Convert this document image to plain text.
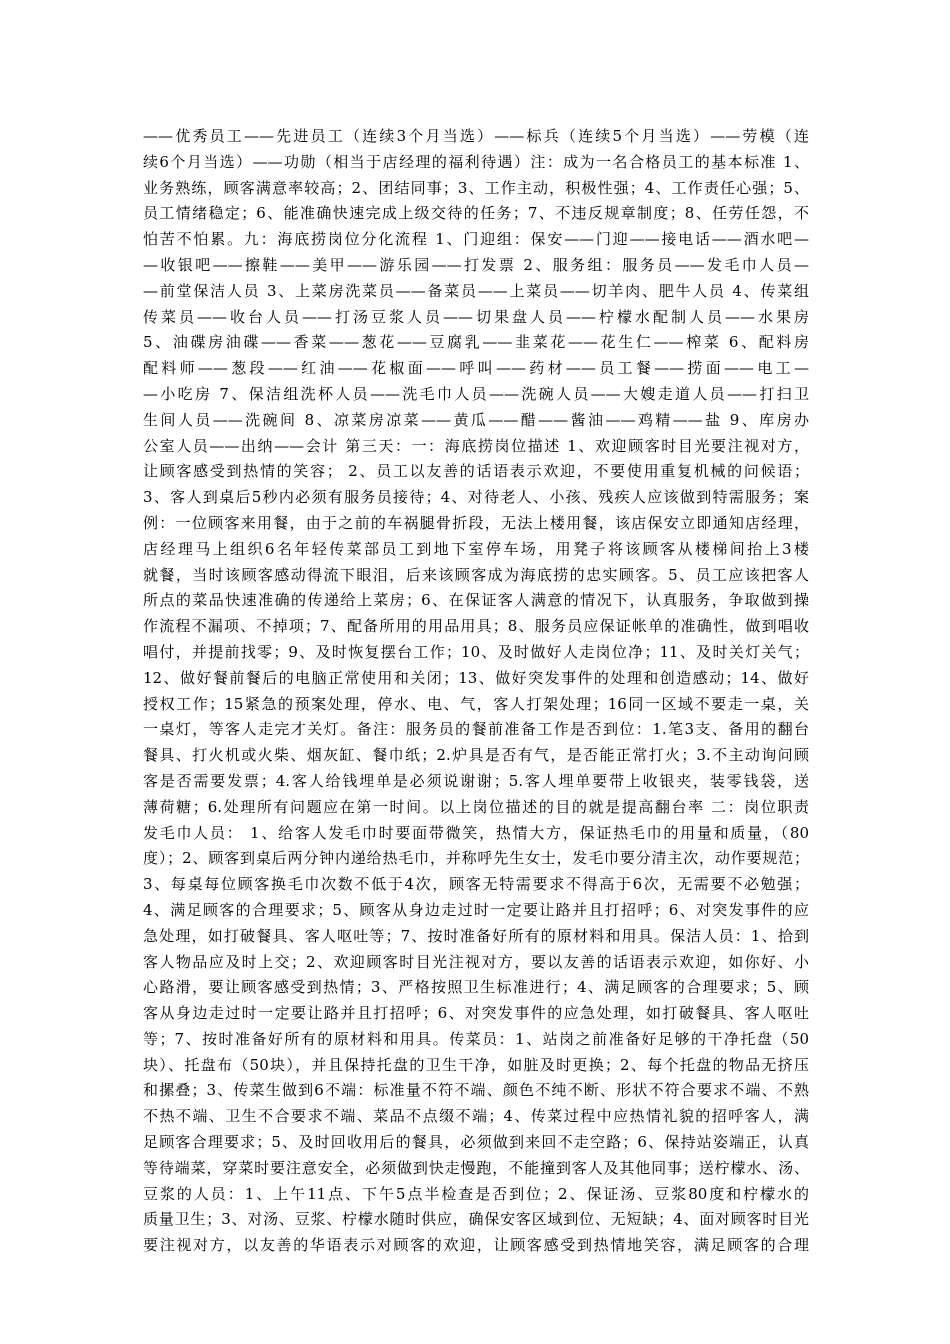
——优秀员工——先进员工（连续3个月当选）——标兵（连续5个月当选）——劳模（连
续6个月当选）——功勋（相当于店经理的福利待遇）注：成为一名合格员工的基本标准 1、
业务熟练，顾客满意率较高；2、团结同事；3、工作主动，积极性强；4、工作责任心强；5、
员工情绪稳定；6、能准确快速完成上级交待的任务；7、不违反规章制度；8、任劳任怨，不
怕苦不怕累。九：海底捞岗位分化流程 1、门迎组：保安——门迎——接电话——酒水吧—
—收银吧——擦鞋——美甲——游乐园——打发票 2、服务组：服务员——发毛巾人员—
—前堂保洁人员 3、上菜房洗菜员——备菜员——上菜员——切羊肉、肥牛人员 4、传菜组
传菜员——收台人员——打汤豆浆人员——切果盘人员——柠檬水配制人员——水果房
5、油碟房油碟——香菜——葱花——豆腐乳——韭菜花——花生仁——榨菜 6、配料房
配料师——葱段——红油——花椒面——呼叫——药材——员工餐——捞面——电工—
—小吃房 7、保洁组洗杯人员——洗毛巾人员——洗碗人员——大嫂走道人员——打扫卫
生间人员——洗碗间 8、凉菜房凉菜——黄瓜——醋——酱油——鸡精——盐 9、库房办
公室人员——出纳——会计 第三天：一：海底捞岗位描述 1、欢迎顾客时目光要注视对方，
让顾客感受到热情的笑容； 2、员工以友善的话语表示欢迎，不要使用重复机械的问候语；
3、客人到桌后5秒内必须有服务员接待；4、对待老人、小孩、残疾人应该做到特需服务；案
例：一位顾客来用餐，由于之前的车祸腿骨折段，无法上楼用餐，该店保安立即通知店经理，
店经理马上组织6名年轻传菜部员工到地下室停车场，用凳子将该顾客从楼梯间抬上3楼
就餐，当时该顾客感动得流下眼泪，后来该顾客成为海底捞的忠实顾客。5、员工应该把客人
所点的菜品快速准确的传递给上菜房；6、在保证客人满意的情况下，认真服务，争取做到操
作流程不漏项、不掉项；7、配备所用的用品用具；8、服务员应保证帐单的准确性，做到唱收
唱付，并提前找零；9、及时恢复摆台工作；10、及时做好人走岗位净；11、及时关灯关气；
12、做好餐前餐后的电脑正常使用和关闭；13、做好突发事件的处理和创造感动；14、做好
授权工作；15紧急的预案处理，停水、电、气，客人打架处理；16同一区域不要走一桌，关
一桌灯，等客人走完才关灯。备注：服务员的餐前准备工作是否到位：1.笔3支、备用的翻台
餐具、打火机或火柴、烟灰缸、餐巾纸；2.炉具是否有气，是否能正常打火；3.不主动询问顾
客是否需要发票；4.客人给钱埋单是必须说谢谢；5.客人埋单要带上收银夹，装零钱袋，送
薄荷糖；6.处理所有问题应在第一时间。以上岗位描述的目的就是提高翻台率 二：岗位职责
发毛巾人员： 1、给客人发毛巾时要面带微笑，热情大方，保证热毛巾的用量和质量，（80
度）；2、顾客到桌后两分钟内递给热毛巾，并称呼先生女士，发毛巾要分清主次，动作要规范；
3、每桌每位顾客换毛巾次数不低于4次，顾客无特需要求不得高于6次，无需要不必勉强；
4、满足顾客的合理要求；5、顾客从身边走过时一定要让路并且打招呼；6、对突发事件的应
急处理，如打破餐具、客人呕吐等；7、按时准备好所有的原材料和用具。保洁人员：1、拾到
客人物品应及时上交；2、欢迎顾客时目光注视对方，要以友善的话语表示欢迎，如你好、小
心路滑，要让顾客感受到热情；3、严格按照卫生标准进行；4、满足顾客的合理要求；5、顾
客从身边走过时一定要让路并且打招呼；6、对突发事件的应急处理，如打破餐具、客人呕吐
等；7、按时准备好所有的原材料和用具。传菜员：1、站岗之前准备好足够的干净托盘（50
块）、托盘布（50块），并且保持托盘的卫生干净，如脏及时更换；2、每个托盘的物品无挤压
和摞叠；3、传菜生做到6不端：标准量不符不端、颜色不纯不断、形状不符合要求不端、不熟
不热不端、卫生不合要求不端、菜品不点缀不端；4、传菜过程中应热情礼貌的招呼客人，满
足顾客合理要求；5、及时回收用后的餐具，必须做到来回不走空路；6、保持站姿端正，认真
等待端菜，穿菜时要注意安全，必须做到快走慢跑，不能撞到客人及其他同事；送柠檬水、汤、
豆浆的人员：1、上午11点、下午5点半检查是否到位；2、保证汤、豆浆80度和柠檬水的
质量卫生；3、对汤、豆浆、柠檬水随时供应，确保安客区域到位、无短缺；4、面对顾客时目光
要注视对方，以友善的华语表示对顾客的欢迎，让顾客感受到热情地笑容，满足顾客的合理
